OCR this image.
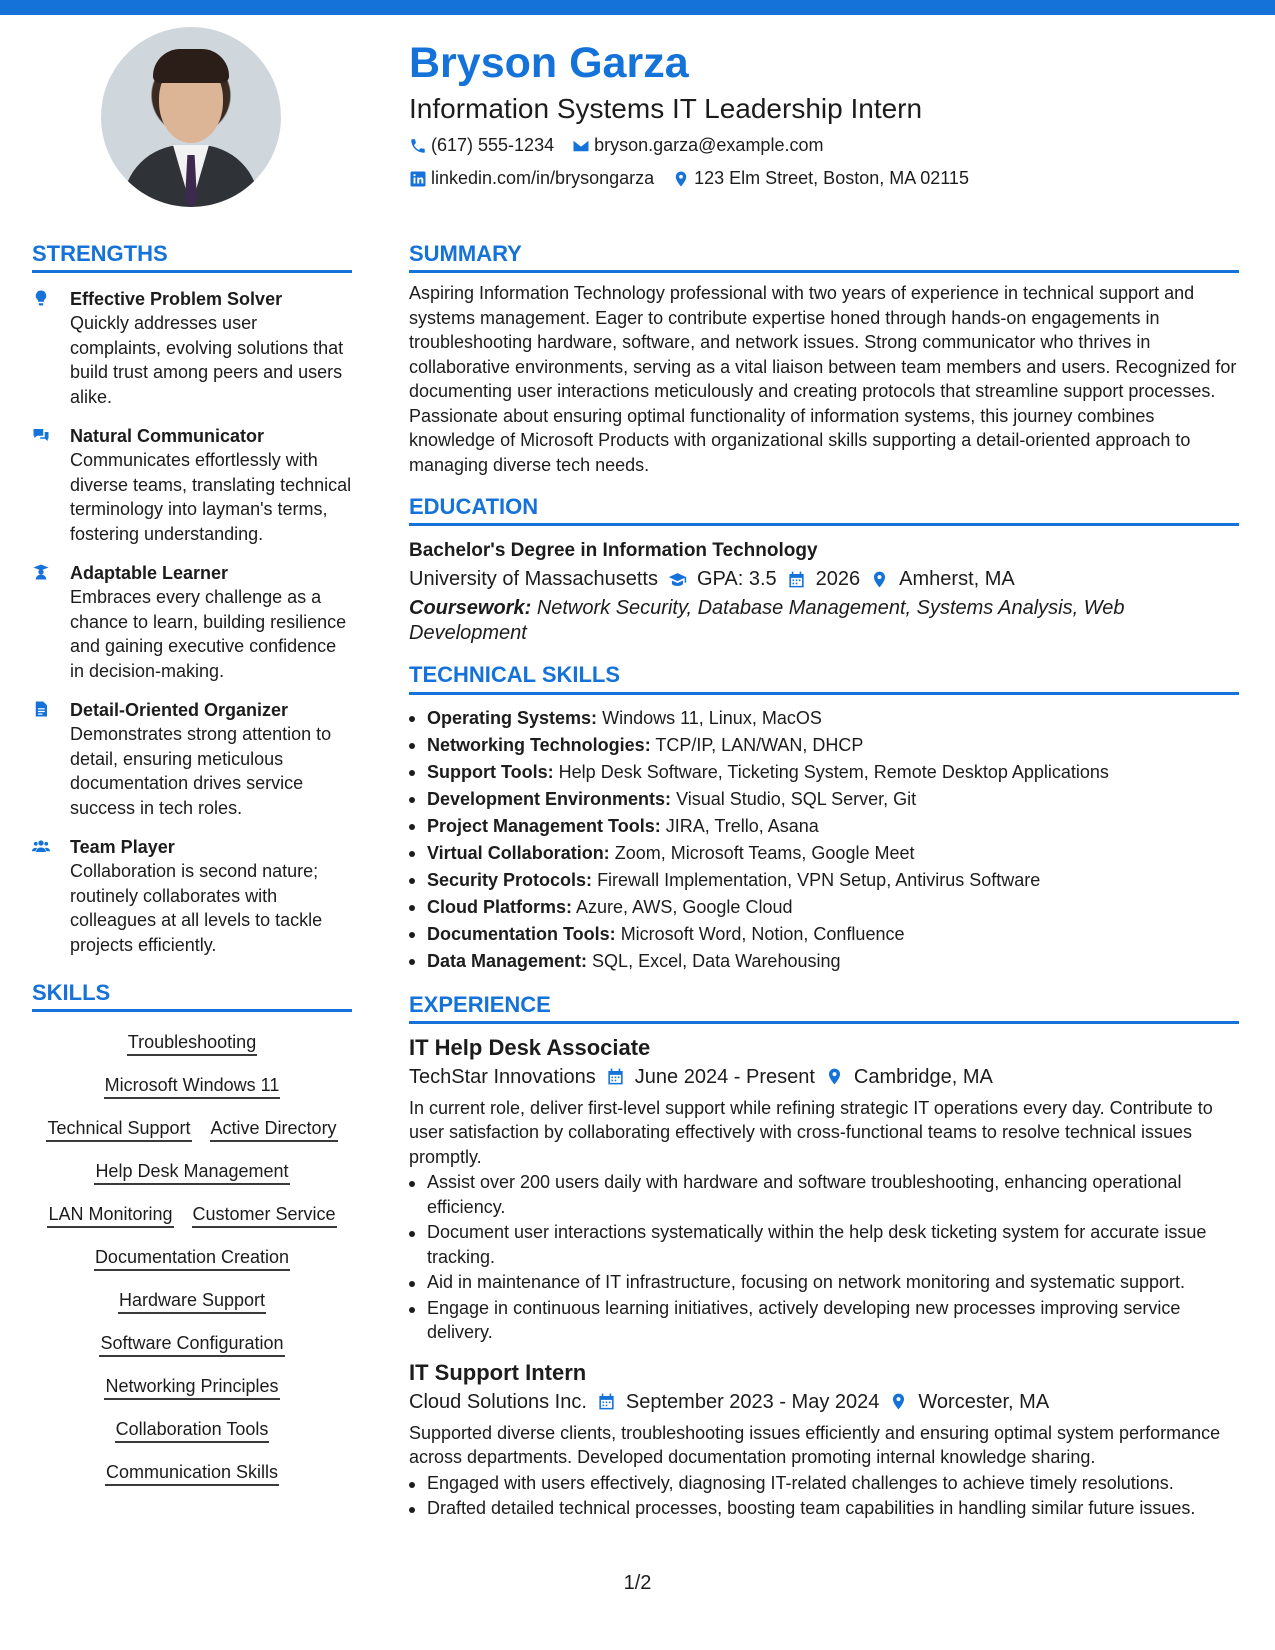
Bryson Garza
Information Systems IT Leadership Intern
(617) 555-1234 bryson.garza@example.com
linkedin.com/in/brysongarza 123 Elm Street, Boston, MA 02115
STRENGTHS
Effective Problem Solver
Quickly addresses user complaints, evolving solutions that build trust among peers and users alike.
Natural Communicator
Communicates effortlessly with diverse teams, translating technical terminology into layman's terms, fostering understanding.
Adaptable Learner
Embraces every challenge as a chance to learn, building resilience and gaining executive confidence in decision-making.
Detail-Oriented Organizer
Demonstrates strong attention to detail, ensuring meticulous documentation drives service success in tech roles.
Team Player
Collaboration is second nature; routinely collaborates with colleagues at all levels to tackle projects efficiently.
SKILLS
Troubleshooting
Microsoft Windows 11
Technical Support Active Directory
Help Desk Management
LAN Monitoring Customer Service
Documentation Creation
Hardware Support
Software Configuration
Networking Principles
Collaboration Tools
Communication Skills
SUMMARY
Aspiring Information Technology professional with two years of experience in technical support and systems management. Eager to contribute expertise honed through hands-on engagements in troubleshooting hardware, software, and network issues. Strong communicator who thrives in collaborative environments, serving as a vital liaison between team members and users. Recognized for documenting user interactions meticulously and creating protocols that streamline support processes. Passionate about ensuring optimal functionality of information systems, this journey combines knowledge of Microsoft Products with organizational skills supporting a detail-oriented approach to managing diverse tech needs.
EDUCATION
Bachelor's Degree in Information Technology
University of Massachusetts GPA: 3.5 2026 Amherst, MA
Coursework: Network Security, Database Management, Systems Analysis, Web Development
TECHNICAL SKILLS
Operating Systems: Windows 11, Linux, MacOS
Networking Technologies: TCP/IP, LAN/WAN, DHCP
Support Tools: Help Desk Software, Ticketing System, Remote Desktop Applications
Development Environments: Visual Studio, SQL Server, Git
Project Management Tools: JIRA, Trello, Asana
Virtual Collaboration: Zoom, Microsoft Teams, Google Meet
Security Protocols: Firewall Implementation, VPN Setup, Antivirus Software
Cloud Platforms: Azure, AWS, Google Cloud
Documentation Tools: Microsoft Word, Notion, Confluence
Data Management: SQL, Excel, Data Warehousing
EXPERIENCE
IT Help Desk Associate
TechStar Innovations June 2024 - Present Cambridge, MA
In current role, deliver first-level support while refining strategic IT operations every day. Contribute to user satisfaction by collaborating effectively with cross-functional teams to resolve technical issues promptly.
Assist over 200 users daily with hardware and software troubleshooting, enhancing operational efficiency.
Document user interactions systematically within the help desk ticketing system for accurate issue tracking.
Aid in maintenance of IT infrastructure, focusing on network monitoring and systematic support.
Engage in continuous learning initiatives, actively developing new processes improving service delivery.
IT Support Intern
Cloud Solutions Inc. September 2023 - May 2024 Worcester, MA
Supported diverse clients, troubleshooting issues efficiently and ensuring optimal system performance across departments. Developed documentation promoting internal knowledge sharing.
Engaged with users effectively, diagnosing IT-related challenges to achieve timely resolutions.
Drafted detailed technical processes, boosting team capabilities in handling similar future issues.
1/2
